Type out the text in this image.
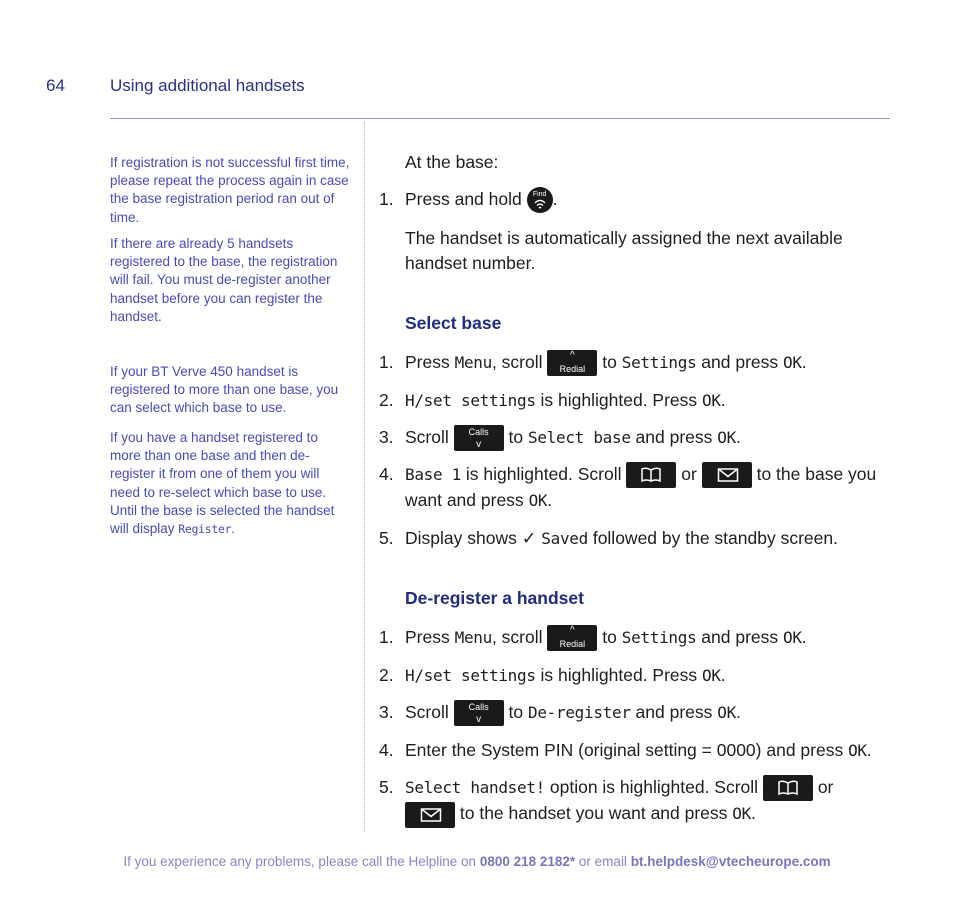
64	Using additional handsets
If registration is not successful first time, please repeat the process again in case the base registration period ran out of time.
If there are already 5 handsets registered to the base, the registration will fail. You must de-register another handset before you can register the handset.
If your BT Verve 450 handset is registered to more than one base, you can select which base to use.
If you have a handset registered to more than one base and then de-register it from one of them you will need to re-select which base to use. Until the base is selected the handset will display Register.
At the base:
1. Press and hold	Find .
The handset is automatically assigned the next available handset number.
Select base
1. Press Menu, scroll	^
Redial to Settings and press OK.
2. H/set settings is highlighted. Press OK.
3. Scroll	Calls
v	to Select base and press OK.
4. Base 1 is highlighted. Scroll	or	to the base you want and press OK.
5. Display shows ✓ Saved followed by the standby screen.
De-register a handset
1. Press Menu, scroll	^
Redial to Settings and press OK.
2. H/set settings is highlighted. Press OK.
3. Scroll	Calls
v	to De-register and press OK.
4. Enter the System PIN (original setting = 0000) and press OK.
5. Select handset! option is highlighted. Scroll	or
to the handset you want and press OK.
If you experience any problems, please call the Helpline on 0800 218 2182* or email bt.helpdesk@vtecheurope.com
